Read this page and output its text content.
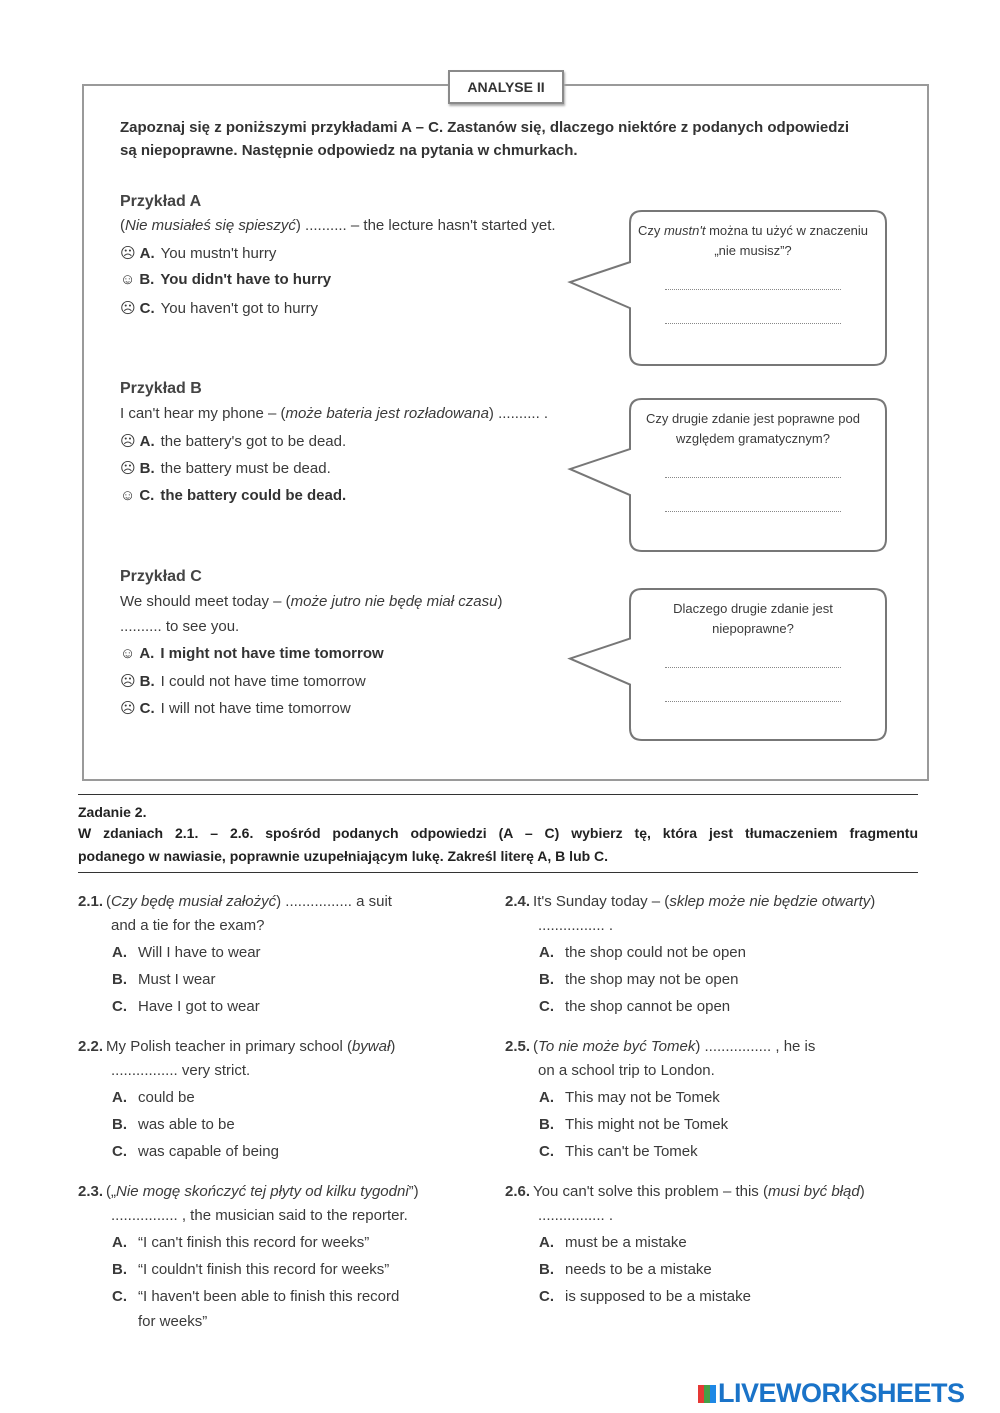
ANALYSE II
Zapoznaj się z poniższymi przykładami A – C. Zastanów się, dlaczego niektóre z podanych odpowiedzi
są niepoprawne. Następnie odpowiedz na pytania w chmurkach.
Przykład A
(Nie musiałeś się spieszyć) .......... – the lecture hasn't started yet.
☹ A. You mustn't hurry
☺ B. You didn't have to hurry
☹ C. You haven't got to hurry
Czy mustn't można tu użyć w znaczeniu „nie musisz”?
Przykład B
I can't hear my phone – (może bateria jest rozładowana) .......... .
☹ A. the battery's got to be dead.
☹ B. the battery must be dead.
☺ C. the battery could be dead.
Czy drugie zdanie jest poprawne pod względem gramatycznym?
Przykład C
We should meet today – (może jutro nie będę miał czasu)
.......... to see you.
☺ A. I might not have time tomorrow
☹ B. I could not have time tomorrow
☹ C. I will not have time tomorrow
Dlaczego drugie zdanie jest niepoprawne?
Zadanie 2.
W zdaniach 2.1. – 2.6. spośród podanych odpowiedzi (A – C) wybierz tę, która jest tłumaczeniem fragmentu
podanego w nawiasie, poprawnie uzupełniającym lukę. Zakreśl literę A, B lub C.
2.1. (Czy będę musiał założyć) ................ a suit
and a tie for the exam?
A. Will I have to wear
B. Must I wear
C. Have I got to wear
2.2. My Polish teacher in primary school (bywał)
................ very strict.
A. could be
B. was able to be
C. was capable of being
2.3. („Nie mogę skończyć tej płyty od kilku tygodni”)
................ , the musician said to the reporter.
A. “I can't finish this record for weeks”
B. “I couldn't finish this record for weeks”
C. “I haven't been able to finish this record
for weeks”
2.4. It's Sunday today – (sklep może nie będzie otwarty)
................ .
A. the shop could not be open
B. the shop may not be open
C. the shop cannot be open
2.5. (To nie może być Tomek) ................ , he is
on a school trip to London.
A. This may not be Tomek
B. This might not be Tomek
C. This can't be Tomek
2.6. You can't solve this problem – this (musi być błąd)
................ .
A. must be a mistake
B. needs to be a mistake
C. is supposed to be a mistake
LIVEWORKSHEETS
